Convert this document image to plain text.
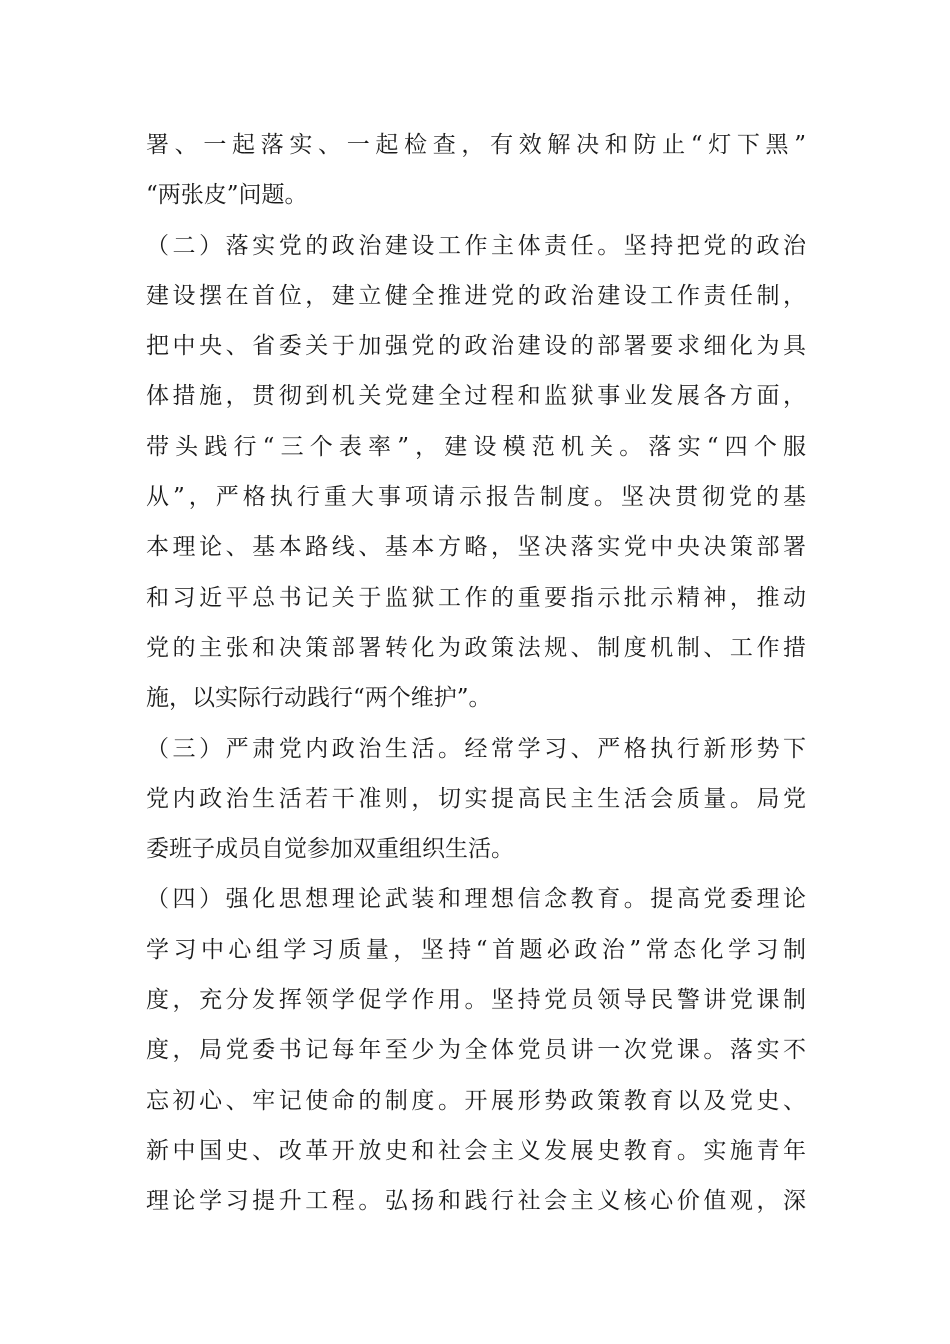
署、一起落实、一起检查，有效解决和防止“灯下黑”
“两张皮”问题。
（二）落实党的政治建设工作主体责任。坚持把党的政治
建设摆在首位，建立健全推进党的政治建设工作责任制，
把中央、省委关于加强党的政治建设的部署要求细化为具
体措施，贯彻到机关党建全过程和监狱事业发展各方面，
带头践行“三个表率”，建设模范机关。落实“四个服
从”，严格执行重大事项请示报告制度。坚决贯彻党的基
本理论、基本路线、基本方略，坚决落实党中央决策部署
和习近平总书记关于监狱工作的重要指示批示精神，推动
党的主张和决策部署转化为政策法规、制度机制、工作措
施，以实际行动践行“两个维护”。
（三）严肃党内政治生活。经常学习、严格执行新形势下
党内政治生活若干准则，切实提高民主生活会质量。局党
委班子成员自觉参加双重组织生活。
（四）强化思想理论武装和理想信念教育。提高党委理论
学习中心组学习质量，坚持“首题必政治”常态化学习制
度，充分发挥领学促学作用。坚持党员领导民警讲党课制
度，局党委书记每年至少为全体党员讲一次党课。落实不
忘初心、牢记使命的制度。开展形势政策教育以及党史、
新中国史、改革开放史和社会主义发展史教育。实施青年
理论学习提升工程。弘扬和践行社会主义核心价值观，深
